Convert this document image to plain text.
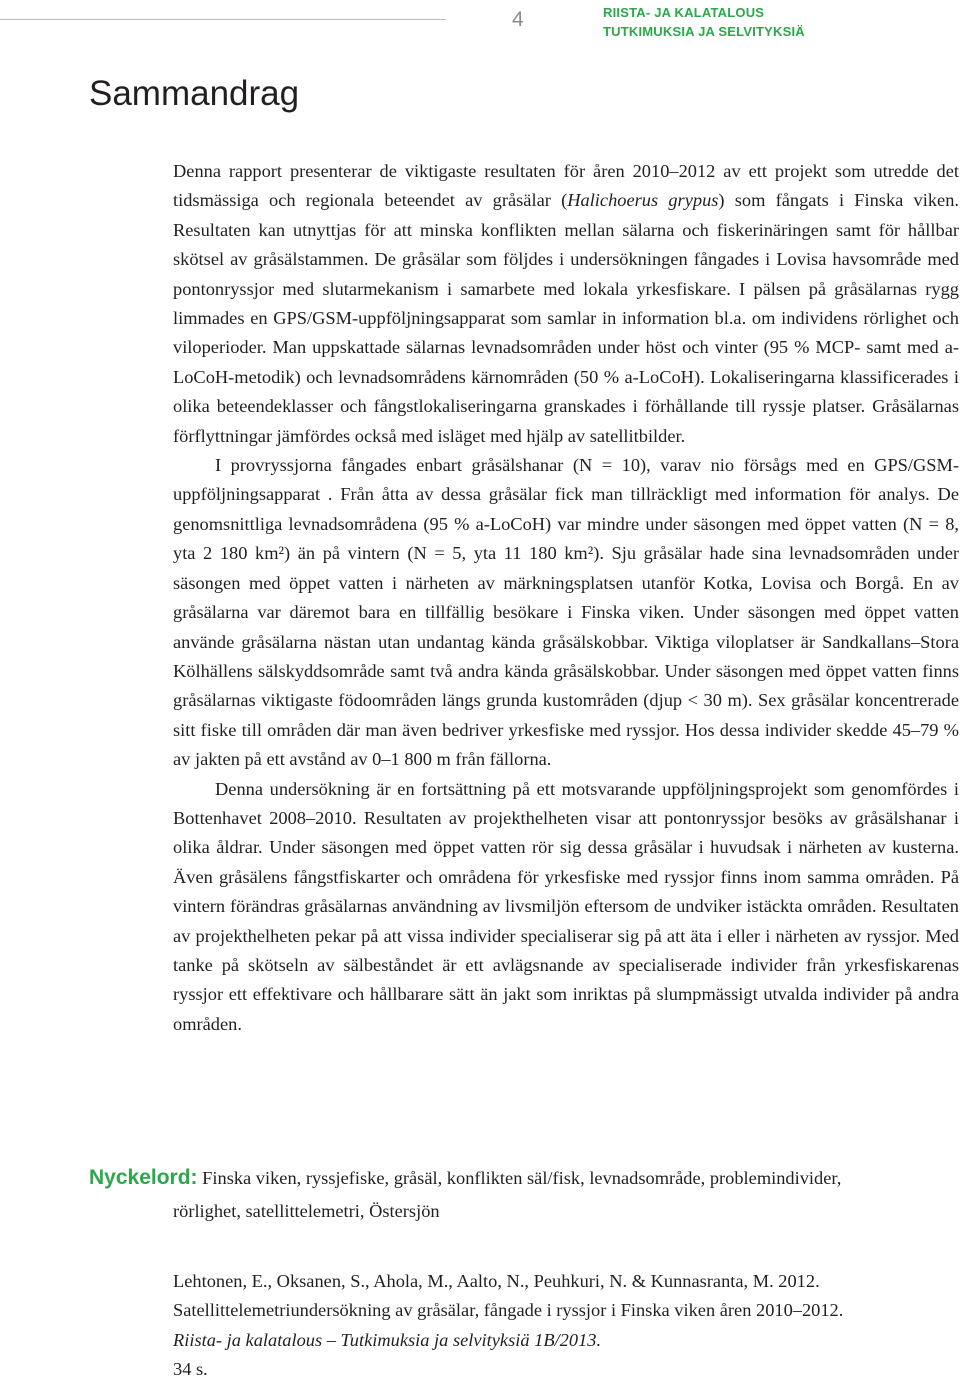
4	RIISTA- JA KALATALOUS
TUTKIMUKSIA JA SELVITYKSIÄ
Sammandrag

Denna rapport presenterar de viktigaste resultaten för åren 2010–2012 av ett projekt som utredde det tidsmässiga och regionala beteendet av gråsälar (Halichoerus grypus) som fångats i Finska viken. Resultaten kan utnyttjas för att minska konflikten mellan sälarna och fiskerinäringen samt för hållbar skötsel av gråsälstammen. De gråsälar som följdes i undersökningen fångades i Lovisa havsområde med pontonryssjor med slutarmekanism i samarbete med lokala yrkesfiskare. I pälsen på gråsälarnas rygg limmades en GPS/GSM-uppföljningsapparat som samlar in information bl.a. om individens rörlighet och viloperioder. Man uppskattade sälarnas levnadsområden under höst och vinter (95 % MCP- samt med a-LoCoH-metodik) och levnadsområdens kärnområden (50 % a-LoCoH). Lokaliseringarna klassificerades i olika beteendeklasser och fångstlokaliseringarna granskades i förhållande till ryssje platser. Gråsälarnas förflyttningar jämfördes också med isläget med hjälp av satellitbilder.

I provryssjorna fångades enbart gråsälshanar (N = 10), varav nio försågs med en GPS/GSM- uppföljningsapparat . Från åtta av dessa gråsälar fick man tillräckligt med information för analys. De genomsnittliga levnadsområdena (95 % a-LoCoH) var mindre under säsongen med öppet vatten (N = 8, yta 2 180 km²) än på vintern (N = 5, yta 11 180 km²). Sju gråsälar hade sina levnadsområden under säsongen med öppet vatten i närheten av märkningsplatsen utanför Kotka, Lovisa och Borgå. En av gråsälarna var däremot bara en tillfällig besökare i Finska viken. Under säsongen med öppet vatten använde gråsälarna nästan utan undantag kända gråsälskobbar. Viktiga viloplatser är Sandkallans–Stora Kölhällens sälskyddsområde samt två andra kända gråsälskobbar. Under säsongen med öppet vatten finns gråsälarnas viktigaste födoområden längs grunda kustområden (djup < 30 m). Sex gråsälar koncentrerade sitt fiske till områden där man även bedriver yrkesfiske med ryssjor. Hos dessa individer skedde 45–79 % av jakten på ett avstånd av 0–1 800 m från fällorna.

Denna undersökning är en fortsättning på ett motsvarande uppföljningsprojekt som genomfördes i Bottenhavet 2008–2010. Resultaten av projekthelheten visar att pontonryssjor besöks av gråsälshanar i olika åldrar. Under säsongen med öppet vatten rör sig dessa gråsälar i huvudsak i närheten av kusterna. Även gråsälens fångstfiskarter och områdena för yrkesfiske med ryssjor finns inom samma områden. På vintern förändras gråsälarnas användning av livsmiljön eftersom de undviker istäckta områden. Resultaten av projekthelheten pekar på att vissa individer specialiserar sig på att äta i eller i närheten av ryssjor. Med tanke på skötseln av sälbeståndet är ett avlägsnande av specialiserade individer från yrkesfiskarenas ryssjor ett effektivare och hållbarare sätt än jakt som inriktas på slumpmässigt utvalda individer på andra områden.

Nyckelord: Finska viken, ryssjefiske, gråsäl, konflikten säl/fisk, levnadsområde, problemindivider,
rörlighet, satellittelemetri, Östersjön
Lehtonen, E., Oksanen, S., Ahola, M., Aalto, N., Peuhkuri, N. & Kunnasranta, M. 2012.
Satellittelemetriundersökning av gråsälar, fångade i ryssjor i Finska viken åren 2010–2012.
Riista- ja kalatalous – Tutkimuksia ja selvityksiä 1B/2013.
34 s.
